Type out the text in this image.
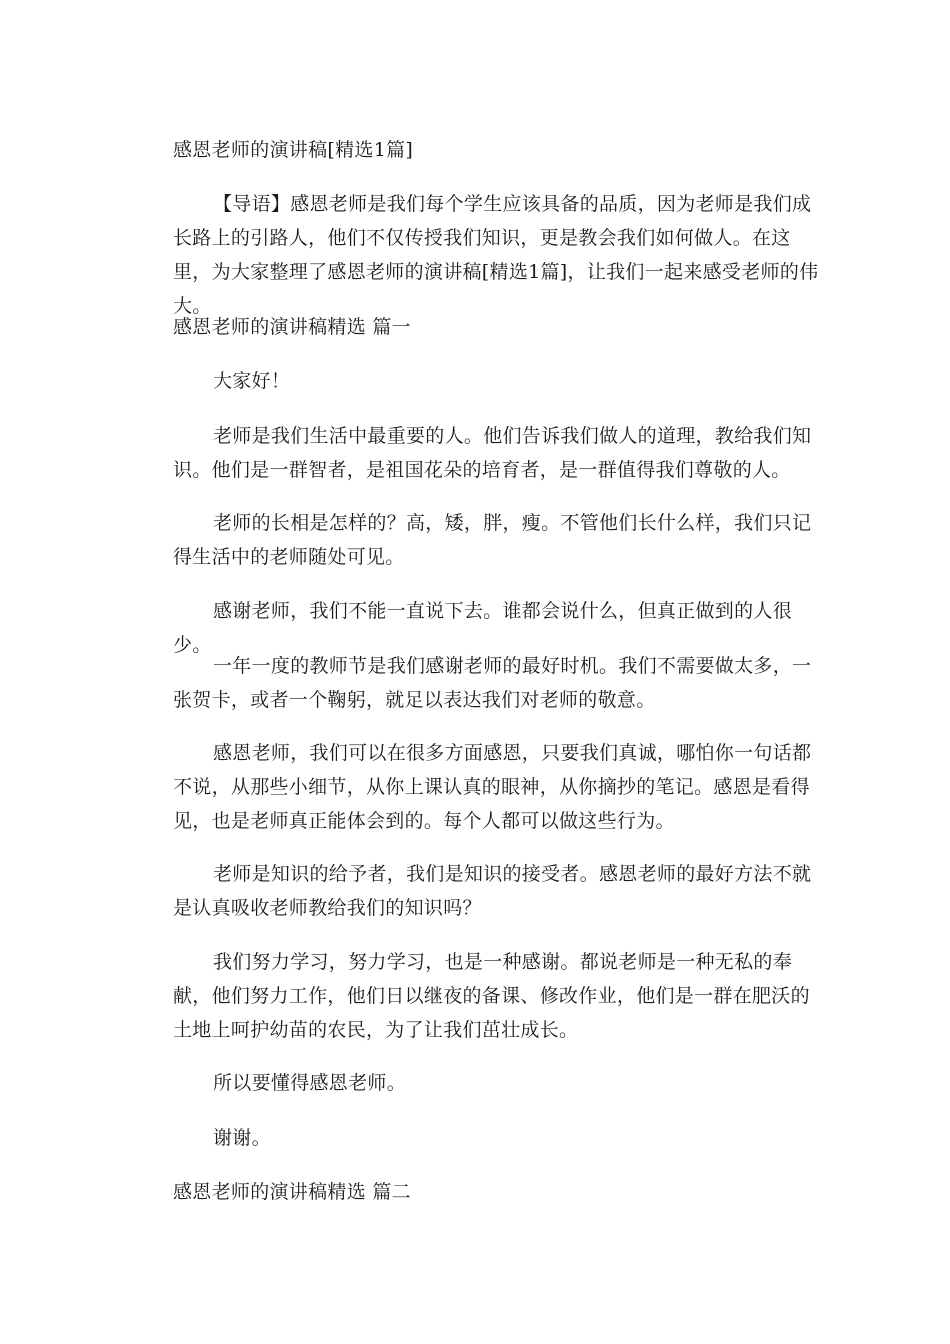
感恩老师的演讲稿[精选1篇]

【导语】感恩老师是我们每个学生应该具备的品质，因为老师是我们成长路上的引路人，他们不仅传授我们知识，更是教会我们如何做人。在这里，为大家整理了感恩老师的演讲稿[精选1篇]，让我们一起来感受老师的伟大。

感恩老师的演讲稿精选 篇一

大家好！

老师是我们生活中最重要的人。他们告诉我们做人的道理，教给我们知识。他们是一群智者，是祖国花朵的培育者，是一群值得我们尊敬的人。

老师的长相是怎样的？高，矮，胖，瘦。不管他们长什么样，我们只记得生活中的老师随处可见。

感谢老师，我们不能一直说下去。谁都会说什么，但真正做到的人很少。

一年一度的教师节是我们感谢老师的最好时机。我们不需要做太多，一张贺卡，或者一个鞠躬，就足以表达我们对老师的敬意。

感恩老师，我们可以在很多方面感恩，只要我们真诚，哪怕你一句话都不说，从那些小细节，从你上课认真的眼神，从你摘抄的笔记。感恩是看得见，也是老师真正能体会到的。每个人都可以做这些行为。

老师是知识的给予者，我们是知识的接受者。感恩老师的最好方法不就是认真吸收老师教给我们的知识吗？

我们努力学习，努力学习，也是一种感谢。都说老师是一种无私的奉献，他们努力工作，他们日以继夜的备课、修改作业，他们是一群在肥沃的土地上呵护幼苗的农民，为了让我们茁壮成长。

所以要懂得感恩老师。

谢谢。

感恩老师的演讲稿精选 篇二
